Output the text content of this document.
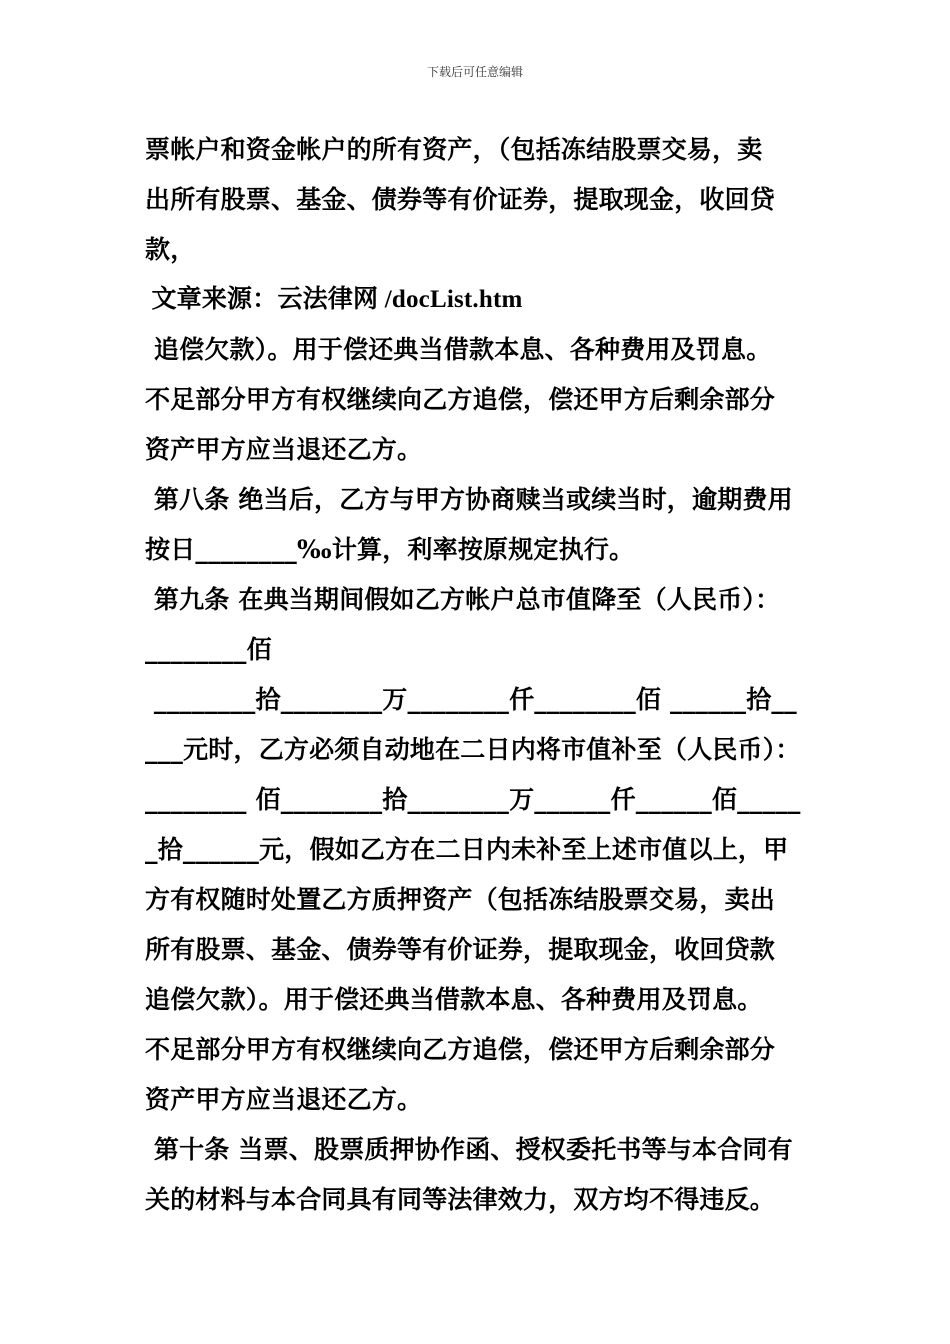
下载后可任意编辑
票帐户和资金帐户的所有资产，（包括冻结股票交易，卖
出所有股票、基金、债券等有价证券，提取现金，收回贷
款，
文章来源：云法律网 /docList.htm
追偿欠款）。用于偿还典当借款本息、各种费用及罚息。
不足部分甲方有权继续向乙方追偿，偿还甲方后剩余部分
资产甲方应当退还乙方。
第八条 绝当后，乙方与甲方协商赎当或续当时，逾期费用
按日________‰计算，利率按原规定执行。
第九条 在典当期间假如乙方帐户总市值降至（人民币）：
________佰
________拾________万________仟________佰 ______拾__
___元时，乙方必须自动地在二日内将市值补至（人民币）：
________ 佰________拾________万______仟______佰_____
_拾______元，假如乙方在二日内未补至上述市值以上，甲
方有权随时处置乙方质押资产（包括冻结股票交易，卖出
所有股票、基金、债券等有价证券，提取现金，收回贷款
追偿欠款）。用于偿还典当借款本息、各种费用及罚息。
不足部分甲方有权继续向乙方追偿，偿还甲方后剩余部分
资产甲方应当退还乙方。
第十条 当票、股票质押协作函、授权委托书等与本合同有
关的材料与本合同具有同等法律效力，双方均不得违反。
